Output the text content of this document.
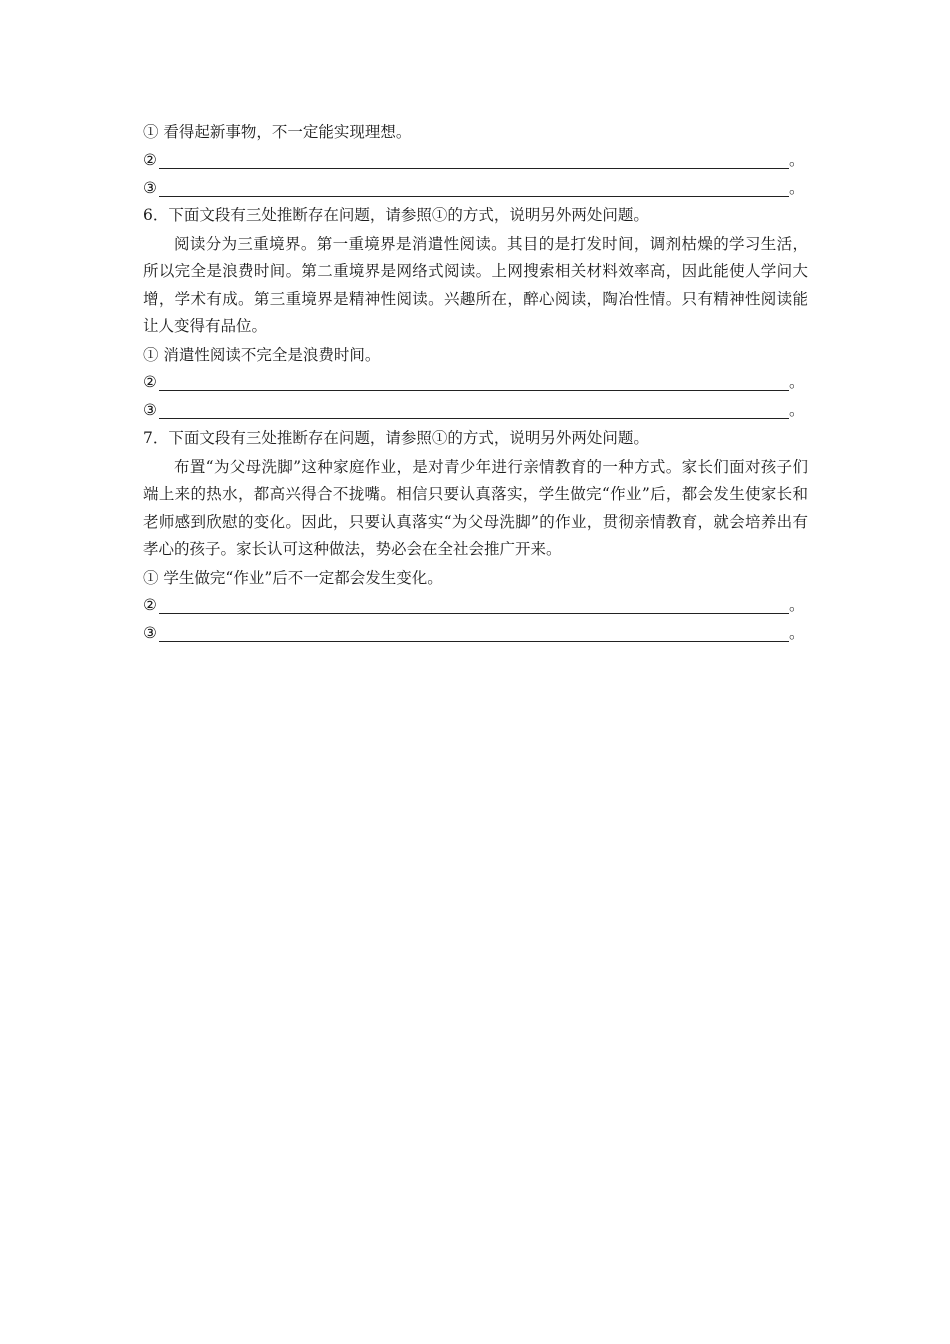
① 看得起新事物，不一定能实现理想。
②	。
③	。
6．下面文段有三处推断存在问题，请参照①的方式，说明另外两处问题。
阅读分为三重境界。第一重境界是消遣性阅读。其目的是打发时间，调剂枯燥的学习生活，所以完全是浪费时间。第二重境界是网络式阅读。上网搜索相关材料效率高，因此能使人学问大增，学术有成。第三重境界是精神性阅读。兴趣所在，醉心阅读，陶冶性情。只有精神性阅读能让人变得有品位。
① 消遣性阅读不完全是浪费时间。
②	。
③	。
7．下面文段有三处推断存在问题，请参照①的方式，说明另外两处问题。
布置“为父母洗脚”这种家庭作业，是对青少年进行亲情教育的一种方式。家长们面对孩子们端上来的热水，都高兴得合不拢嘴。相信只要认真落实，学生做完“作业”后，都会发生使家长和老师感到欣慰的变化。因此，只要认真落实“为父母洗脚”的作业，贯彻亲情教育，就会培养出有孝心的孩子。家长认可这种做法，势必会在全社会推广开来。
① 学生做完“作业”后不一定都会发生变化。
②	。
③	。
